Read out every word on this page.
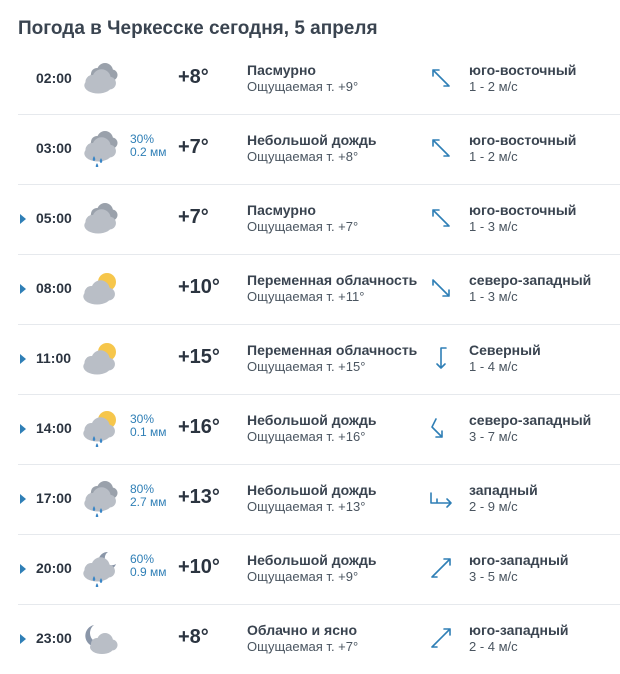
Погода в Черкесске сегодня, 5 апреля
02:00	+8°	Пасмурно
Ощущаемая т. +9°
юго-восточный
1 - 2 м/с
03:00
30%
0.2 мм +7°	Небольшой дождь
Ощущаемая т. +8°
юго-восточный
1 - 2 м/с
05:00	+7°	Пасмурно
Ощущаемая т. +7°
юго-восточный
1 - 3 м/с
08:00	+10° Переменная облачность
Ощущаемая т. +11°
северо-западный
1 - 3 м/с
11:00	+15° Переменная облачность
Ощущаемая т. +15°
Северный
1 - 4 м/с
14:00
30%
0.1 мм +16° Небольшой дождь
Ощущаемая т. +16°
северо-западный
3 - 7 м/с
17:00
80%
2.7 мм +13° Небольшой дождь
Ощущаемая т. +13°
западный
2 - 9 м/с
20:00
60%
0.9 мм +10° Небольшой дождь
Ощущаемая т. +9°
юго-западный
3 - 5 м/с
23:00	+8°	Облачно и ясно
Ощущаемая т. +7°
юго-западный
2 - 4 м/с
